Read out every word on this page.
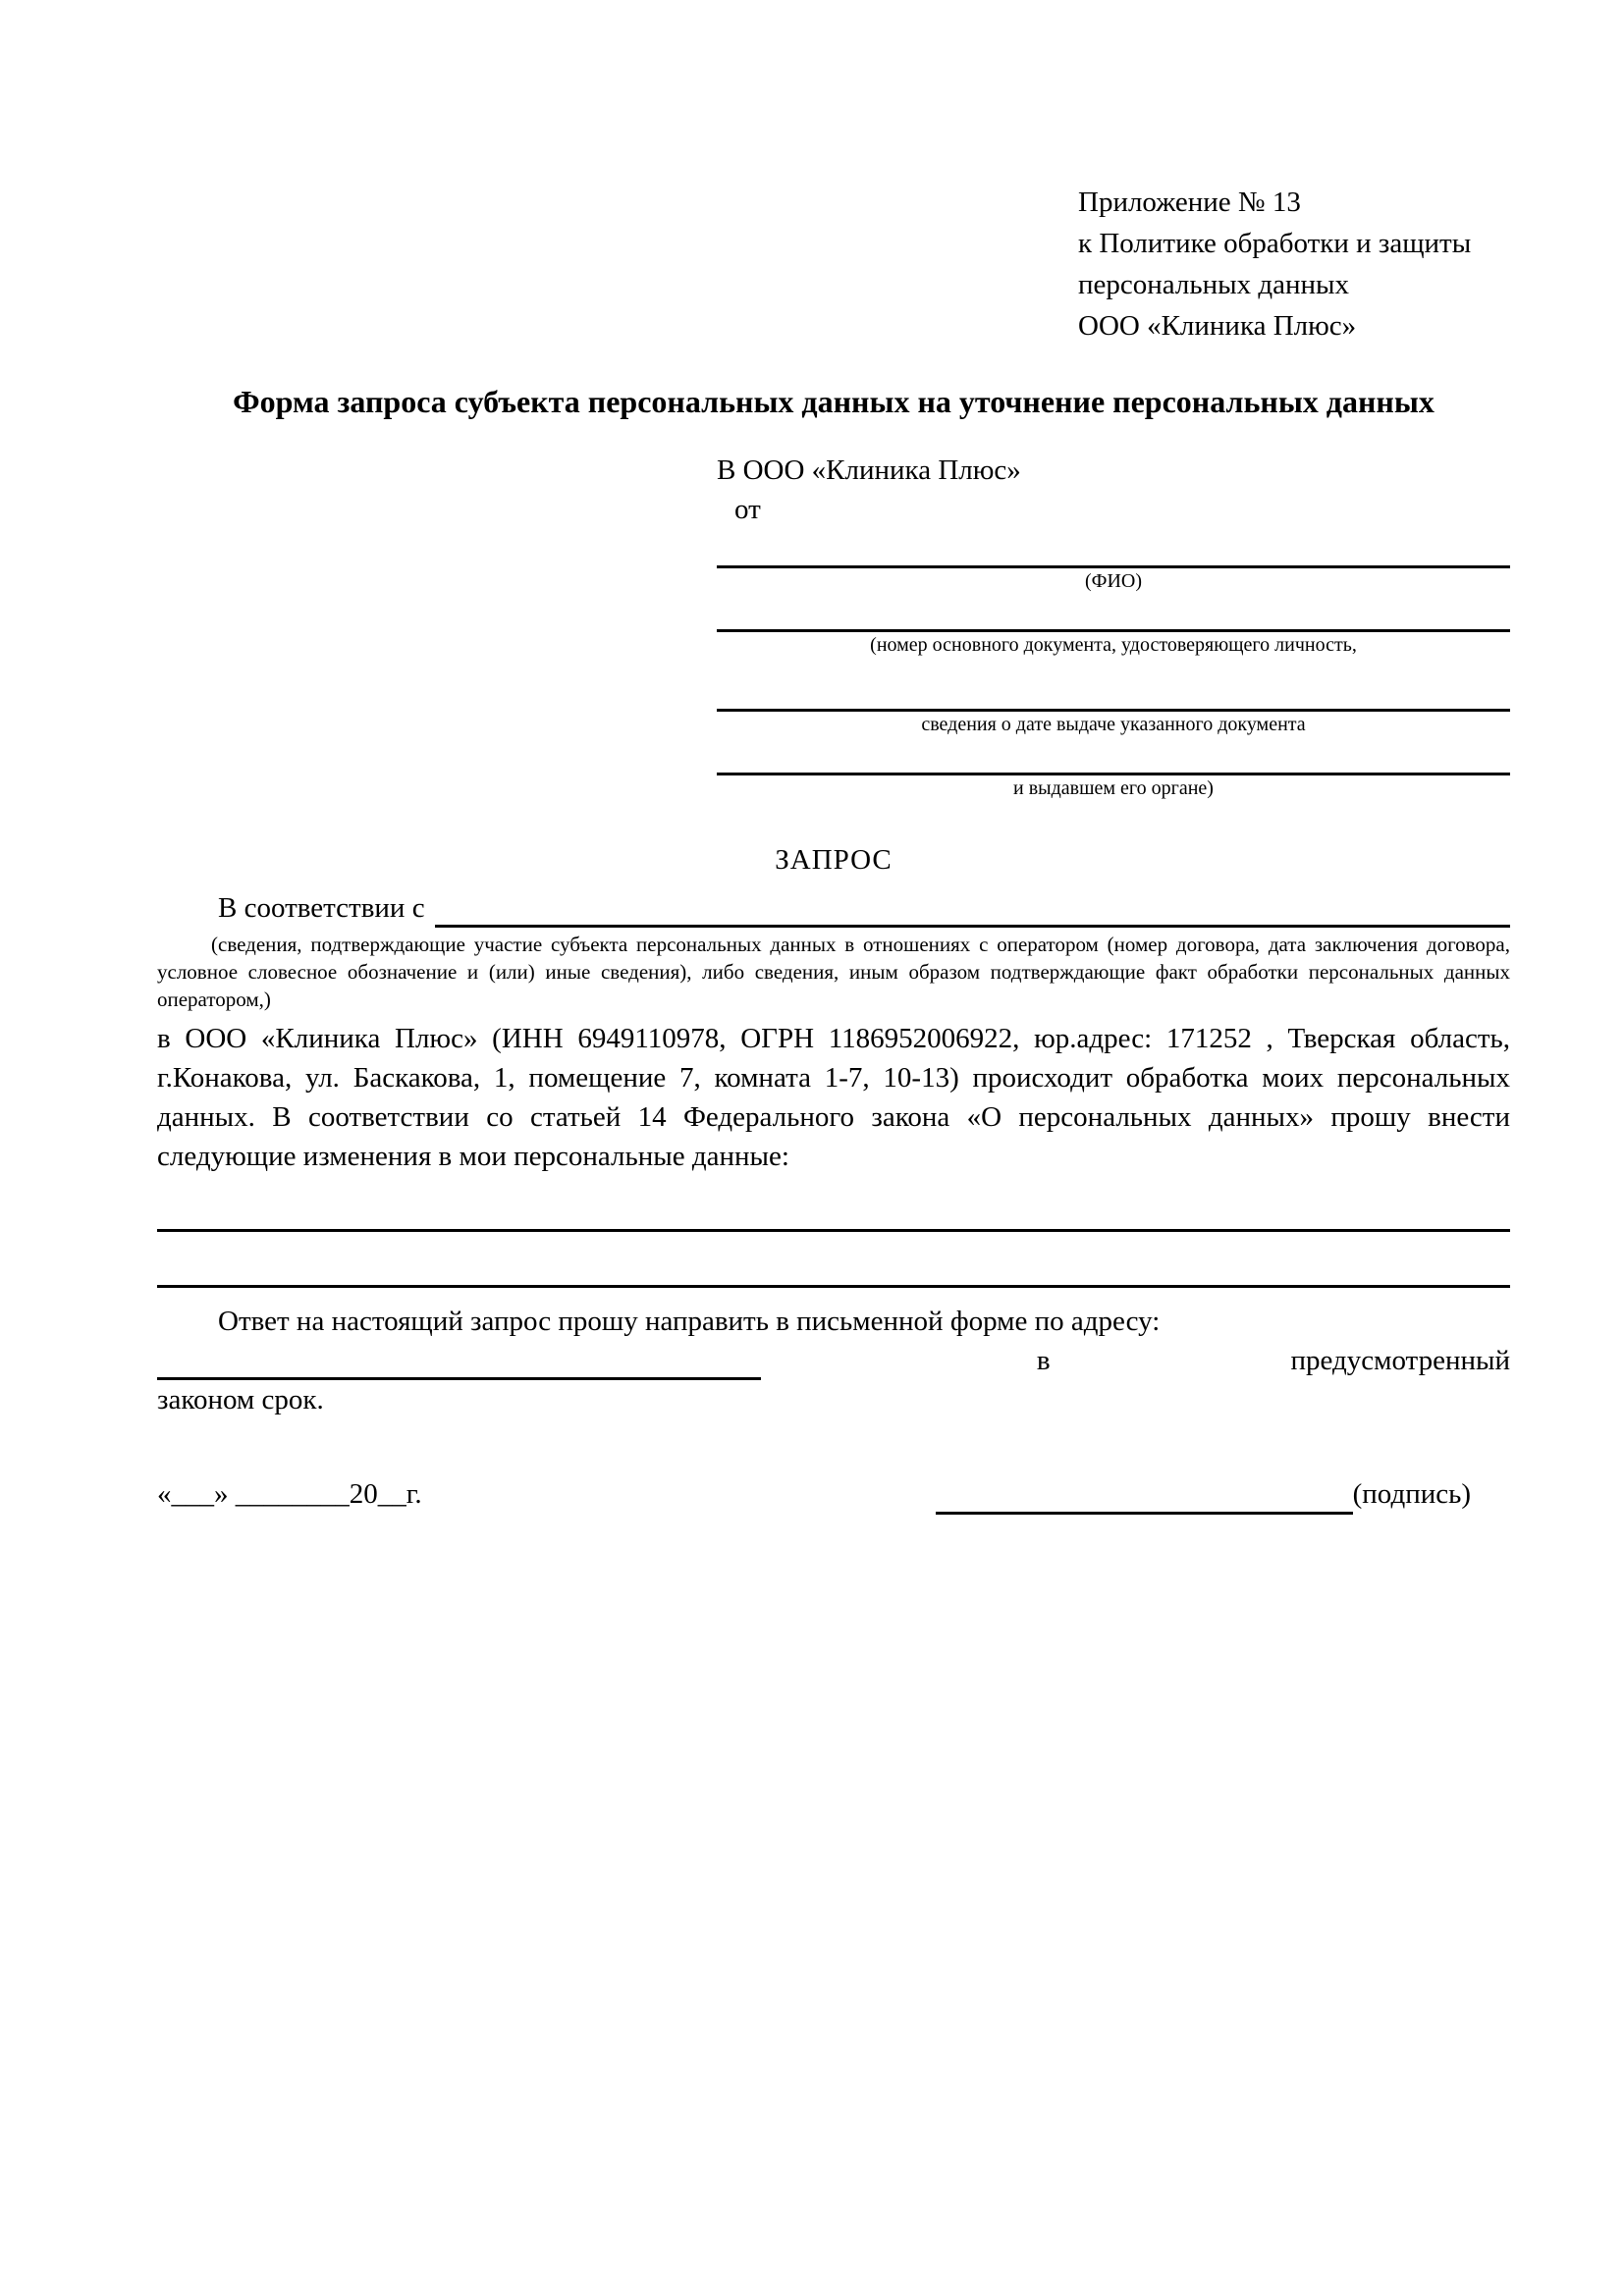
Приложение № 13
к Политике обработки и защиты
персональных данных
ООО «Клиника Плюс»
Форма запроса субъекта персональных данных на уточнение персональных данных
В ООО «Клиника Плюс»
от
(ФИО)
(номер основного документа, удостоверяющего личность,
сведения о дате выдаче указанного документа
и выдавшем его органе)
ЗАПРОС
В соответствии с
(сведения, подтверждающие участие субъекта персональных данных в отношениях с оператором (номер договора, дата заключения договора, условное словесное обозначение и (или) иные сведения), либо сведения, иным образом подтверждающие факт обработки персональных данных оператором,)
в ООО «Клиника Плюс» (ИНН 6949110978, ОГРН 1186952006922, юр.адрес: 171252 , Тверская область, г.Конакова, ул. Баскакова, 1, помещение 7, комната 1-7, 10-13) происходит обработка моих персональных данных. В соответствии со статьей 14 Федерального закона «О персональных данных» прошу внести следующие изменения в мои персональные данные:
Ответ на настоящий запрос прошу направить в письменной форме по адресу:
в	предусмотренный
законом срок.
«___» ________20__г.	(подпись)
